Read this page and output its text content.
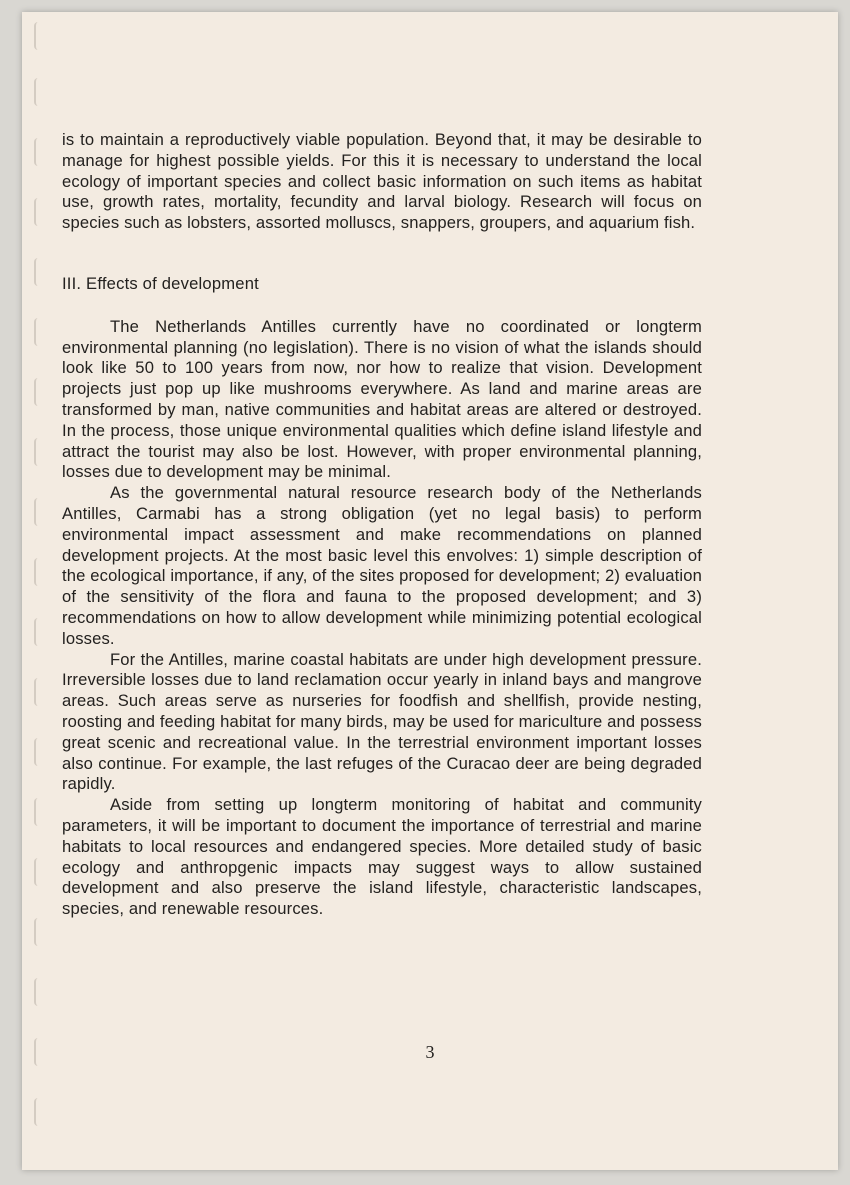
is to maintain a reproductively viable population. Beyond that, it may be desirable to manage for highest possible yields. For this it is necessary to understand the local ecology of important species and collect basic information on such items as habitat use, growth rates, mortality, fecundity and larval biology. Research will focus on species such as lobsters, assorted molluscs, snappers, groupers, and aquarium fish.

III. Effects of development

The Netherlands Antilles currently have no coordinated or longterm environmental planning (no legislation). There is no vision of what the islands should look like 50 to 100 years from now, nor how to realize that vision. Development projects just pop up like mushrooms everywhere. As land and marine areas are transformed by man, native communities and habitat areas are altered or destroyed. In the process, those unique environmental qualities which define island lifestyle and attract the tourist may also be lost. However, with proper environmental planning, losses due to development may be minimal.

As the governmental natural resource research body of the Netherlands Antilles, Carmabi has a strong obligation (yet no legal basis) to perform environmental impact assessment and make recommendations on planned development projects. At the most basic level this envolves: 1) simple description of the ecological importance, if any, of the sites proposed for development; 2) evaluation of the sensitivity of the flora and fauna to the proposed development; and 3) recommendations on how to allow development while minimizing potential ecological losses.

For the Antilles, marine coastal habitats are under high development pressure. Irreversible losses due to land reclamation occur yearly in inland bays and mangrove areas. Such areas serve as nurseries for foodfish and shellfish, provide nesting, roosting and feeding habitat for many birds, may be used for mariculture and possess great scenic and recreational value. In the terrestrial environment important losses also continue. For example, the last refuges of the Curacao deer are being degraded rapidly.

Aside from setting up longterm monitoring of habitat and community parameters, it will be important to document the importance of terrestrial and marine habitats to local resources and endangered species. More detailed study of basic ecology and anthropgenic impacts may suggest ways to allow sustained development and also preserve the island lifestyle, characteristic landscapes, species, and renewable resources.

3
